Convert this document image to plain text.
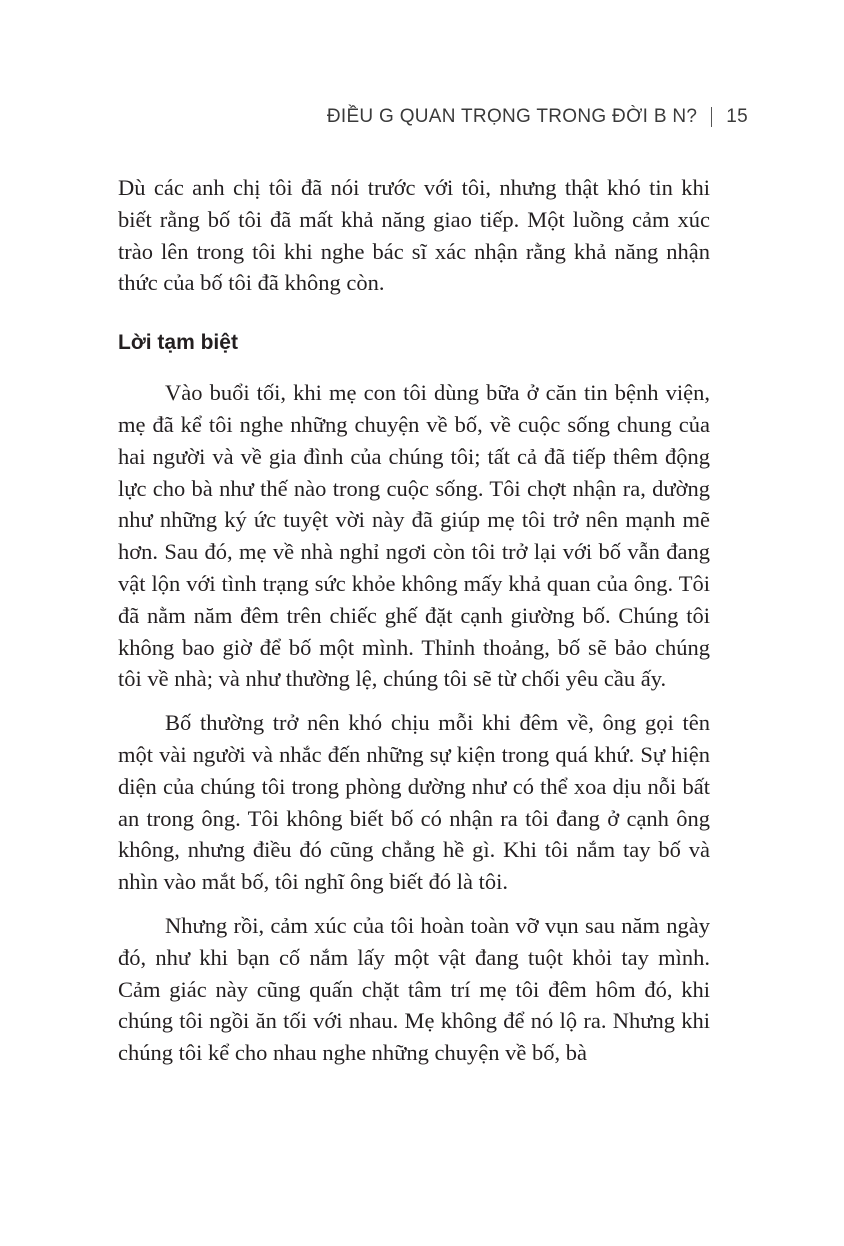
ĐIỀU G QUAN TRỌNG TRONG ĐỜI B N? 15

Dù các anh chị tôi đã nói trước với tôi, nhưng thật khó tin khi biết rằng bố tôi đã mất khả năng giao tiếp. Một luồng cảm xúc trào lên trong tôi khi nghe bác sĩ xác nhận rằng khả năng nhận thức của bố tôi đã không còn.

Lời tạm biệt

Vào buổi tối, khi mẹ con tôi dùng bữa ở căn tin bệnh viện, mẹ đã kể tôi nghe những chuyện về bố, về cuộc sống chung của hai người và về gia đình của chúng tôi; tất cả đã tiếp thêm động lực cho bà như thế nào trong cuộc sống. Tôi chợt nhận ra, dường như những ký ức tuyệt vời này đã giúp mẹ tôi trở nên mạnh mẽ hơn. Sau đó, mẹ về nhà nghỉ ngơi còn tôi trở lại với bố vẫn đang vật lộn với tình trạng sức khỏe không mấy khả quan của ông. Tôi đã nằm năm đêm trên chiếc ghế đặt cạnh giường bố. Chúng tôi không bao giờ để bố một mình. Thỉnh thoảng, bố sẽ bảo chúng tôi về nhà; và như thường lệ, chúng tôi sẽ từ chối yêu cầu ấy.

Bố thường trở nên khó chịu mỗi khi đêm về, ông gọi tên một vài người và nhắc đến những sự kiện trong quá khứ. Sự hiện diện của chúng tôi trong phòng dường như có thể xoa dịu nỗi bất an trong ông. Tôi không biết bố có nhận ra tôi đang ở cạnh ông không, nhưng điều đó cũng chẳng hề gì. Khi tôi nắm tay bố và nhìn vào mắt bố, tôi nghĩ ông biết đó là tôi.

Nhưng rồi, cảm xúc của tôi hoàn toàn vỡ vụn sau năm ngày đó, như khi bạn cố nắm lấy một vật đang tuột khỏi tay mình. Cảm giác này cũng quấn chặt tâm trí mẹ tôi đêm hôm đó, khi chúng tôi ngồi ăn tối với nhau. Mẹ không để nó lộ ra. Nhưng khi chúng tôi kể cho nhau nghe những chuyện về bố, bà
